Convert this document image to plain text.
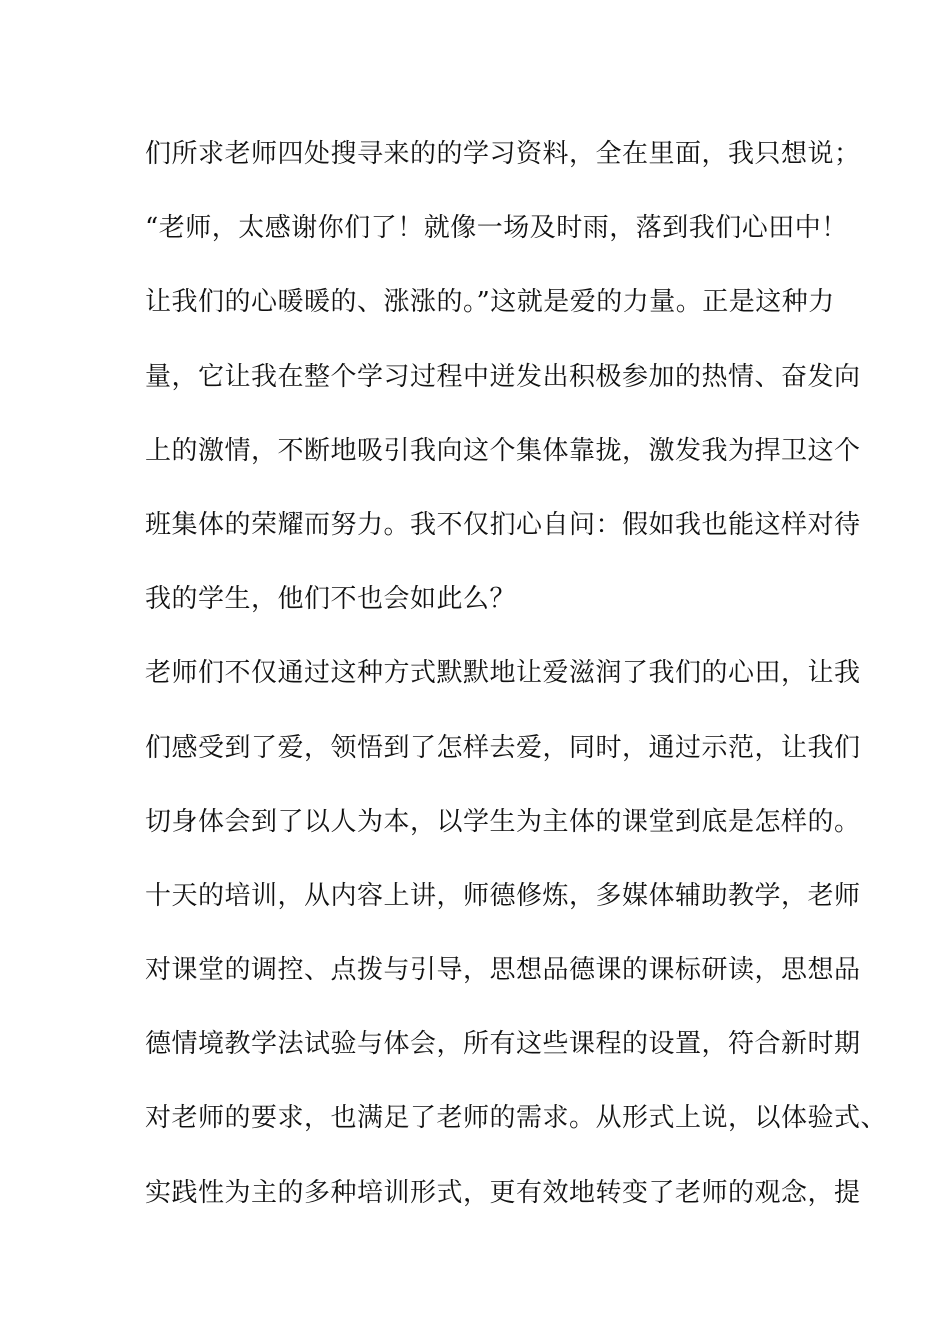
们所求老师四处搜寻来的的学习资料，全在里面，我只想说；
“老师，太感谢你们了！就像一场及时雨，落到我们心田中！
让我们的心暖暖的、涨涨的。”这就是爱的力量。正是这种力
量，它让我在整个学习过程中迸发出积极参加的热情、奋发向
上的激情，不断地吸引我向这个集体靠拢，激发我为捍卫这个
班集体的荣耀而努力。我不仅扪心自问：假如我也能这样对待
我的学生，他们不也会如此么？
老师们不仅通过这种方式默默地让爱滋润了我们的心田，让我
们感受到了爱，领悟到了怎样去爱，同时，通过示范，让我们
切身体会到了以人为本，以学生为主体的课堂到底是怎样的。
十天的培训，从内容上讲，师德修炼，多媒体辅助教学，老师
对课堂的调控、点拨与引导，思想品德课的课标研读，思想品
德情境教学法试验与体会，所有这些课程的设置，符合新时期
对老师的要求，也满足了老师的需求。从形式上说，以体验式、
实践性为主的多种培训形式，更有效地转变了老师的观念，提
